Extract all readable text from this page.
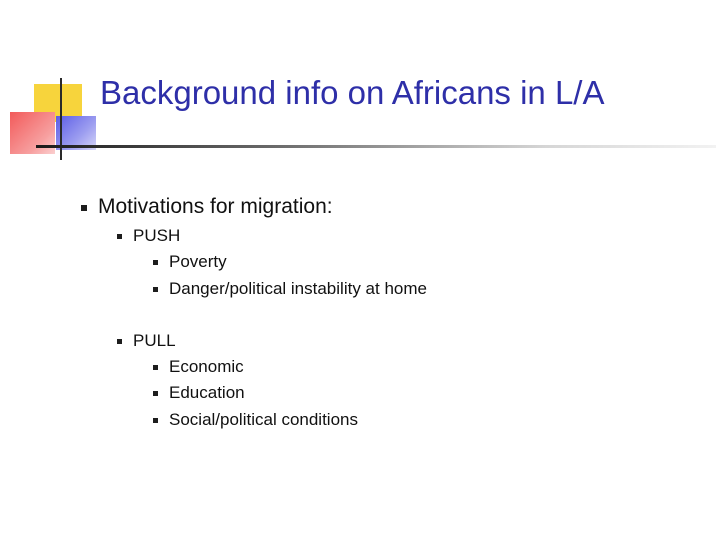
Background info on Africans in L/A
Motivations for migration:
PUSH
Poverty
Danger/political instability at home
PULL
Economic
Education
Social/political conditions
